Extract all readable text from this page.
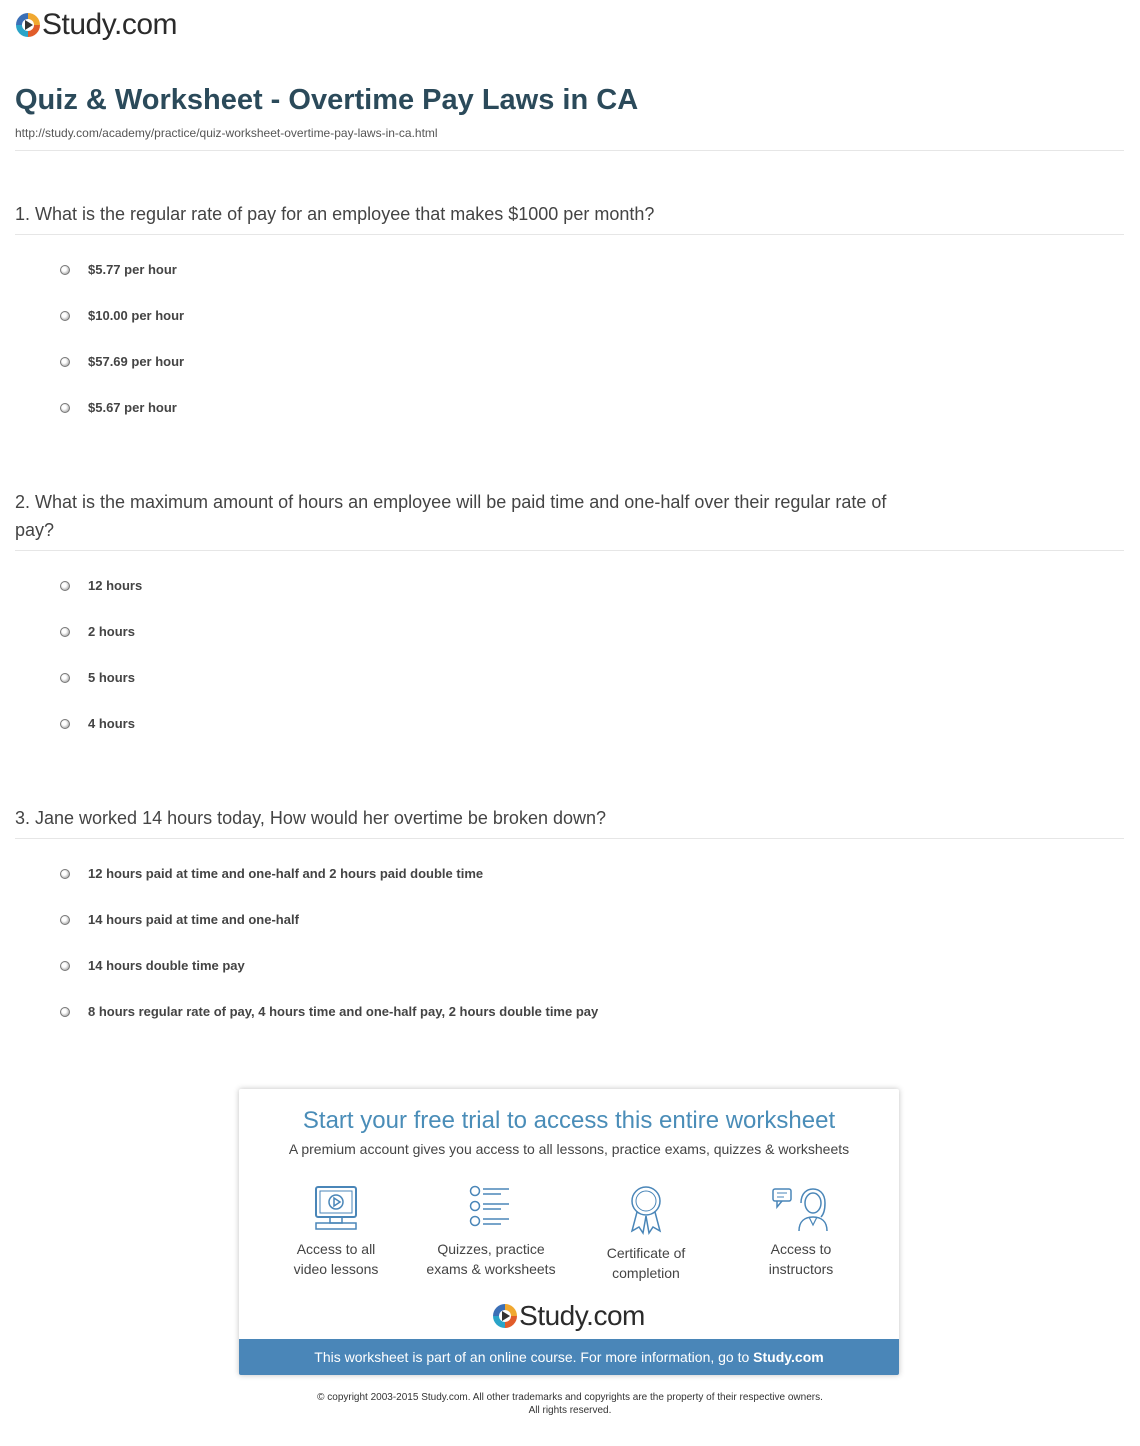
Study.com
Quiz & Worksheet - Overtime Pay Laws in CA
http://study.com/academy/practice/quiz-worksheet-overtime-pay-laws-in-ca.html
1. What is the regular rate of pay for an employee that makes $1000 per month?
$5.77 per hour
$10.00 per hour
$57.69 per hour
$5.67 per hour
2. What is the maximum amount of hours an employee will be paid time and one-half over their regular rate of pay?
12 hours
2 hours
5 hours
4 hours
3. Jane worked 14 hours today, How would her overtime be broken down?
12 hours paid at time and one-half and 2 hours paid double time
14 hours paid at time and one-half
14 hours double time pay
8 hours regular rate of pay, 4 hours time and one-half pay, 2 hours double time pay
Start your free trial to access this entire worksheet
A premium account gives you access to all lessons, practice exams, quizzes & worksheets
Access to all
video lessons
Quizzes, practice
exams & worksheets
Certificate of
completion
Access to
instructors
Study.com
This worksheet is part of an online course. For more information, go to Study.com
© copyright 2003-2015 Study.com. All other trademarks and copyrights are the property of their respective owners.
All rights reserved.
